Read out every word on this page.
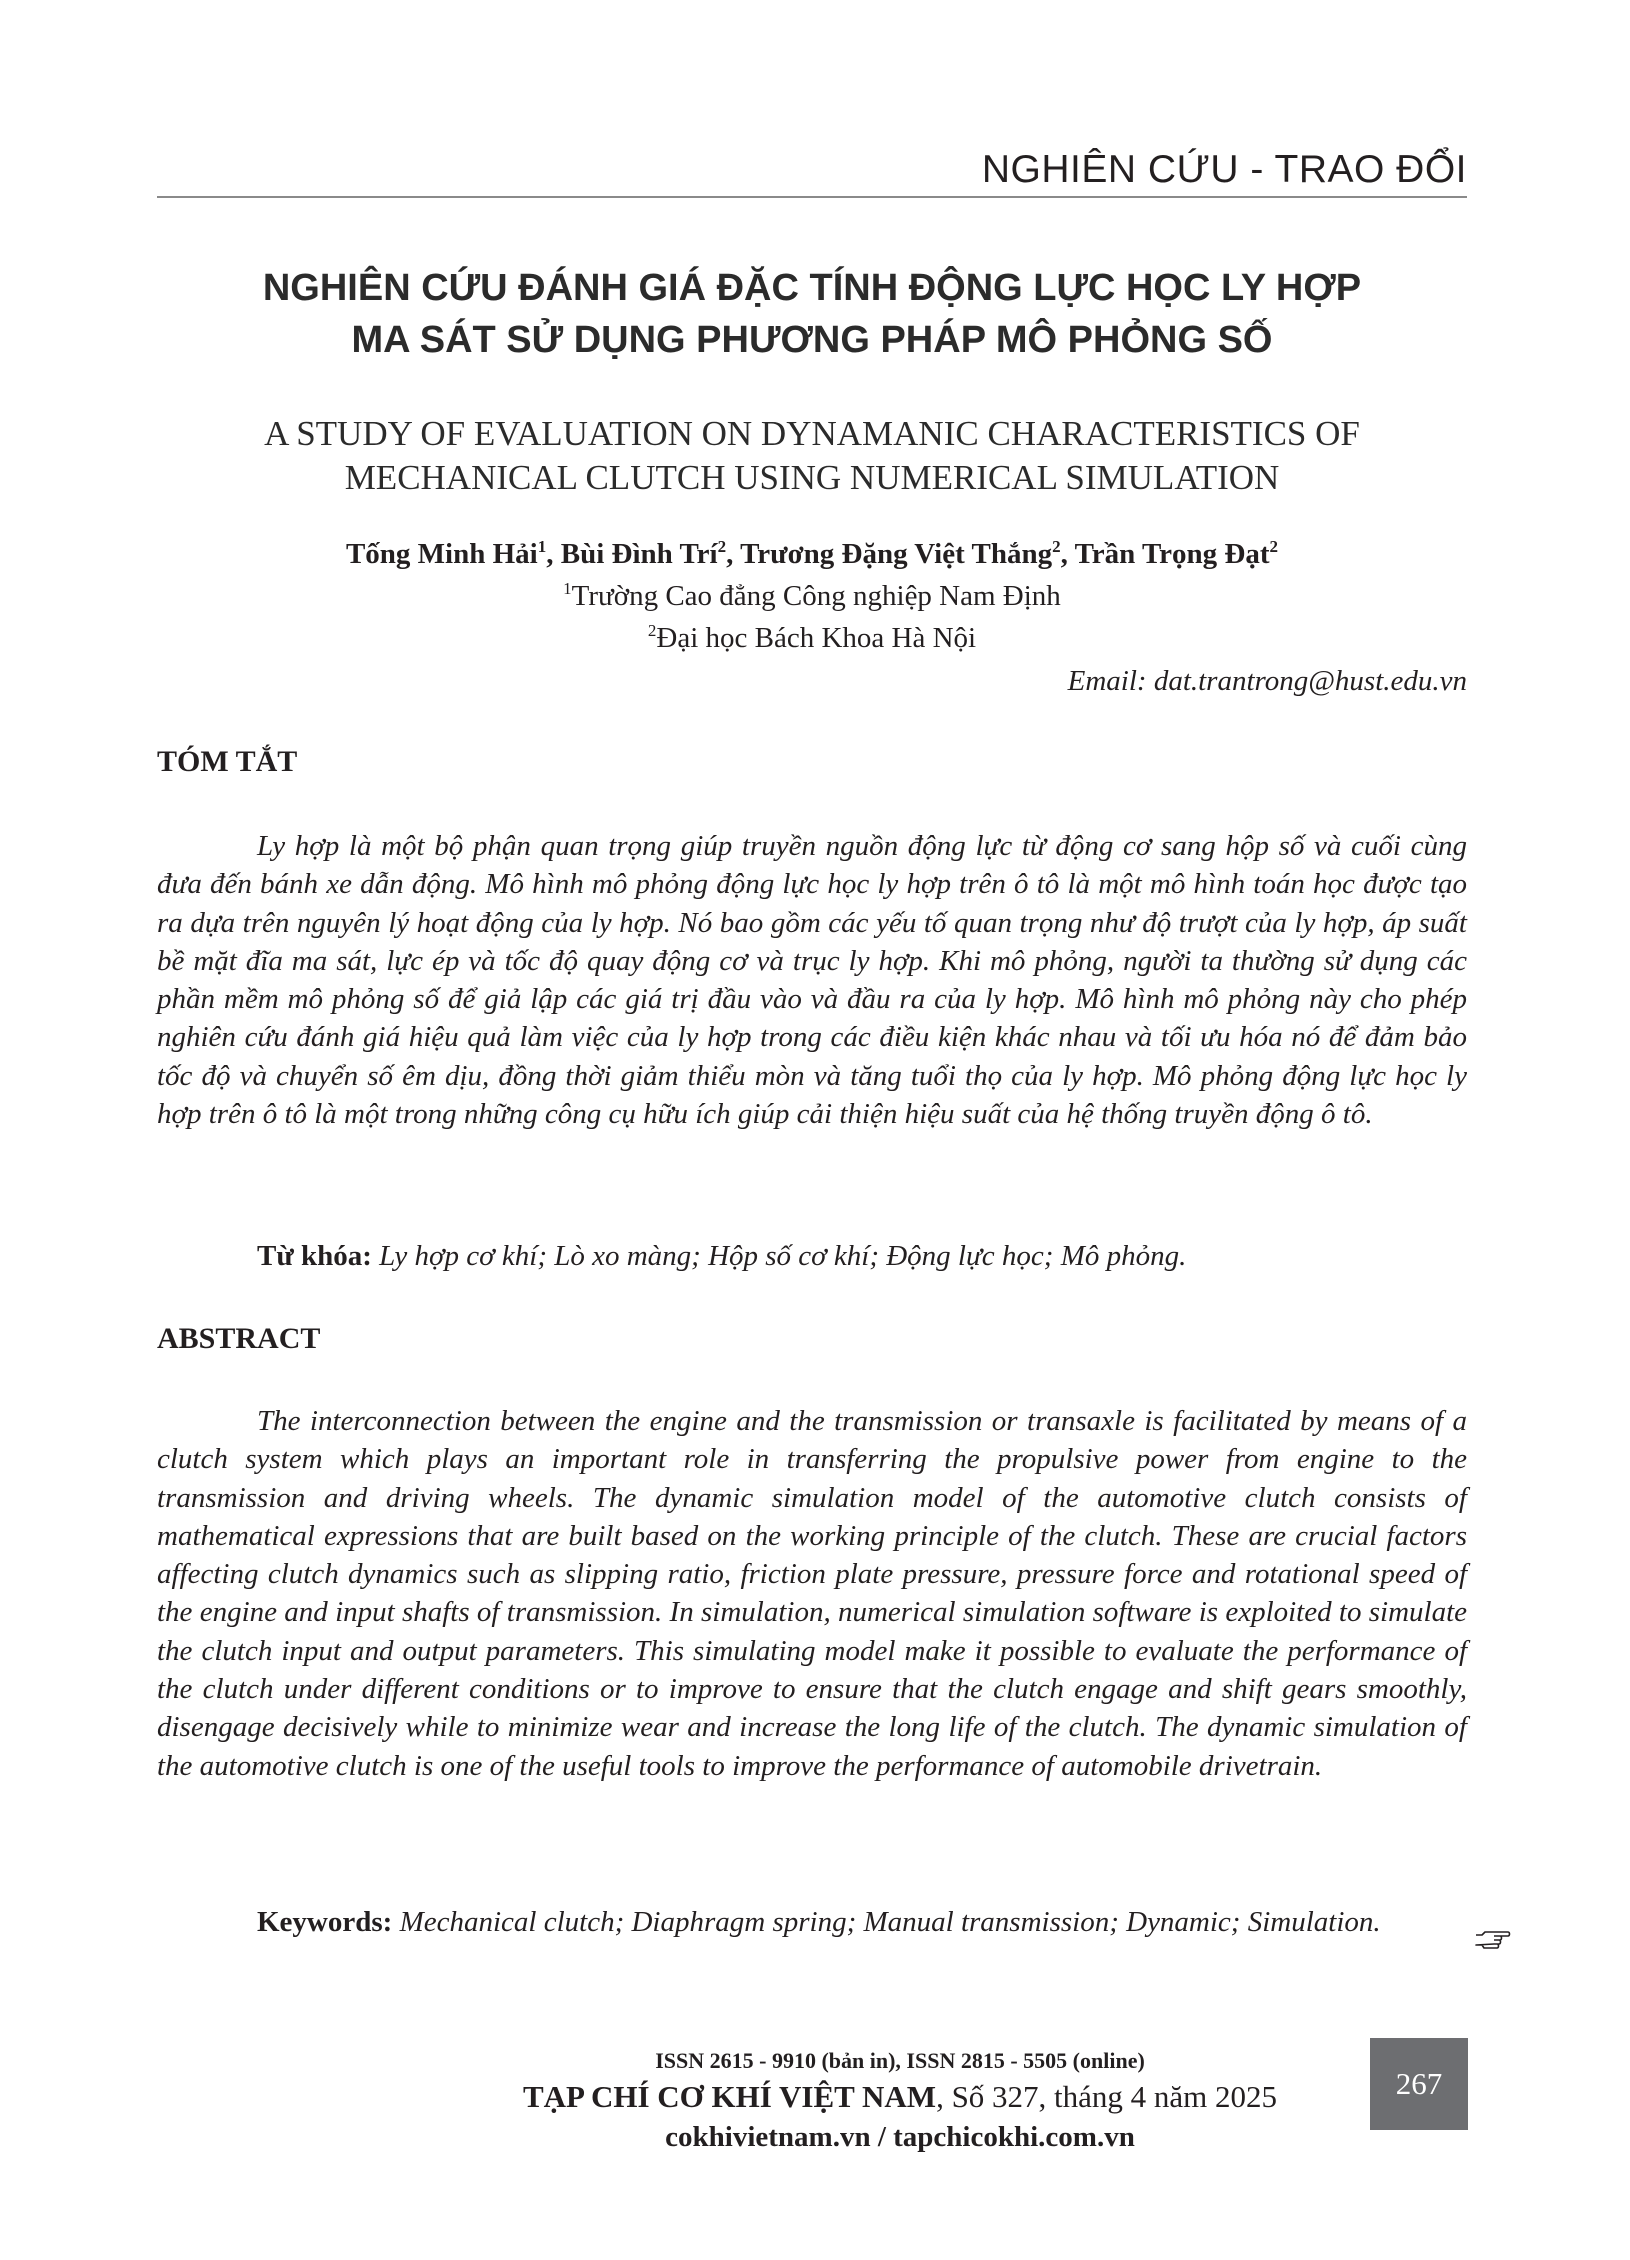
NGHIÊN CỨU - TRAO ĐỔI
NGHIÊN CỨU ĐÁNH GIÁ ĐẶC TÍNH ĐỘNG LỰC HỌC LY HỢP
MA SÁT SỬ DỤNG PHƯƠNG PHÁP MÔ PHỎNG SỐ
A STUDY OF EVALUATION ON DYNAMANIC CHARACTERISTICS OF
MECHANICAL CLUTCH USING NUMERICAL SIMULATION
Tống Minh Hải$^1$, Bùi Đình Trí$^2$, Trương Đặng Việt Thắng$^2$, Trần Trọng Đạt$^2$
$^1$Trường Cao đẳng Công nghiệp Nam Định
$^2$Đại học Bách Khoa Hà Nội
Email: dat.trantrong@hust.edu.vn
TÓM TẮT

Ly hợp là một bộ phận quan trọng giúp truyền nguồn động lực từ động cơ sang hộp số và cuối cùng đưa đến bánh xe dẫn động. Mô hình mô phỏng động lực học ly hợp trên ô tô là một mô hình toán học được tạo ra dựa trên nguyên lý hoạt động của ly hợp. Nó bao gồm các yếu tố quan trọng như độ trượt của ly hợp, áp suất bề mặt đĩa ma sát, lực ép và tốc độ quay động cơ và trục ly hợp. Khi mô phỏng, người ta thường sử dụng các phần mềm mô phỏng số để giả lập các giá trị đầu vào và đầu ra của ly hợp. Mô hình mô phỏng này cho phép nghiên cứu đánh giá hiệu quả làm việc của ly hợp trong các điều kiện khác nhau và tối ưu hóa nó để đảm bảo tốc độ và chuyển số êm dịu, đồng thời giảm thiểu mòn và tăng tuổi thọ của ly hợp. Mô phỏng động lực học ly hợp trên ô tô là một trong những công cụ hữu ích giúp cải thiện hiệu suất của hệ thống truyền động ô tô.

Từ khóa: Ly hợp cơ khí; Lò xo màng; Hộp số cơ khí; Động lực học; Mô phỏng.

ABSTRACT

The interconnection between the engine and the transmission or transaxle is facilitated by means of a clutch system which plays an important role in transferring the propulsive power from engine to the transmission and driving wheels. The dynamic simulation model of the automotive clutch consists of mathematical expressions that are built based on the working principle of the clutch. These are crucial factors affecting clutch dynamics such as slipping ratio, friction plate pressure, pressure force and rotational speed of the engine and input shafts of transmission. In simulation, numerical simulation software is exploited to simulate the clutch input and output parameters. This simulating model make it possible to evaluate the performance of the clutch under different conditions or to improve to ensure that the clutch engage and shift gears smoothly, disengage decisively while to minimize wear and increase the long life of the clutch. The dynamic simulation of the automotive clutch is one of the useful tools to improve the performance of automobile drivetrain.

Keywords: Mechanical clutch; Diaphragm spring; Manual transmission; Dynamic; Simulation.

ISSN 2615 - 9910 (bản in), ISSN 2815 - 5505 (online)
TẠP CHÍ CƠ KHÍ VIỆT NAM, Số 327, tháng 4 năm 2025
cokhivietnam.vn / tapchicokhi.com.vn
267
